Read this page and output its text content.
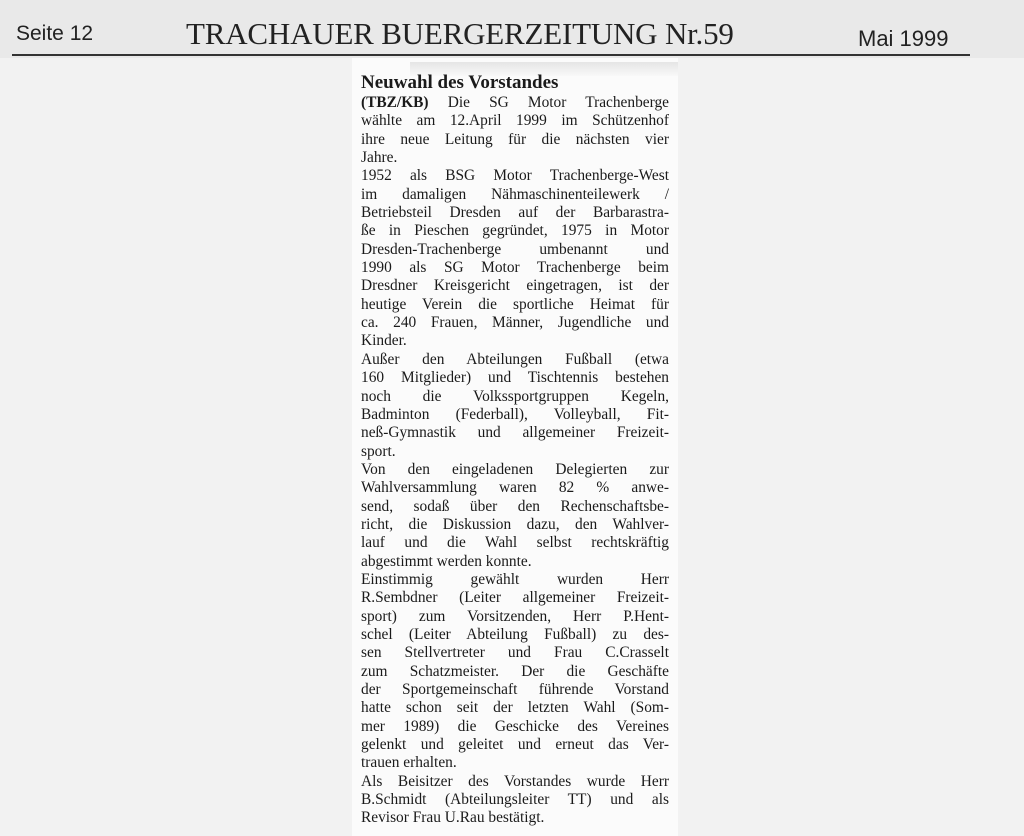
Seite 12	TRACHAUER BUERGERZEITUNG Nr.59	Mai 1999
Neuwahl des Vorstandes
(TBZ/KB) Die SG Motor Trachenberge
wählte am 12.April 1999 im Schützenhof
ihre neue Leitung für die nächsten vier
Jahre.
1952 als BSG Motor Trachenberge-West
im damaligen Nähmaschinenteilewerk /
Betriebsteil Dresden auf der Barbarastra-
ße in Pieschen gegründet, 1975 in Motor
Dresden-Trachenberge umbenannt und
1990 als SG Motor Trachenberge beim
Dresdner Kreisgericht eingetragen, ist der
heutige Verein die sportliche Heimat für
ca. 240 Frauen, Männer, Jugendliche und
Kinder.
Außer den Abteilungen Fußball (etwa
160 Mitglieder) und Tischtennis bestehen
noch die Volkssportgruppen Kegeln,
Badminton (Federball), Volleyball, Fit-
neß-Gymnastik und allgemeiner Freizeit-
sport.
Von den eingeladenen Delegierten zur
Wahlversammlung waren 82 % anwe-
send, sodaß über den Rechenschaftsbe-
richt, die Diskussion dazu, den Wahlver-
lauf und die Wahl selbst rechtskräftig
abgestimmt werden konnte.
Einstimmig gewählt wurden Herr
R.Sembdner (Leiter allgemeiner Freizeit-
sport) zum Vorsitzenden, Herr P.Hent-
schel (Leiter Abteilung Fußball) zu des-
sen Stellvertreter und Frau C.Crasselt
zum Schatzmeister. Der die Geschäfte
der Sportgemeinschaft führende Vorstand
hatte schon seit der letzten Wahl (Som-
mer 1989) die Geschicke des Vereines
gelenkt und geleitet und erneut das Ver-
trauen erhalten.
Als Beisitzer des Vorstandes wurde Herr
B.Schmidt (Abteilungsleiter TT) und als
Revisor Frau U.Rau bestätigt.
